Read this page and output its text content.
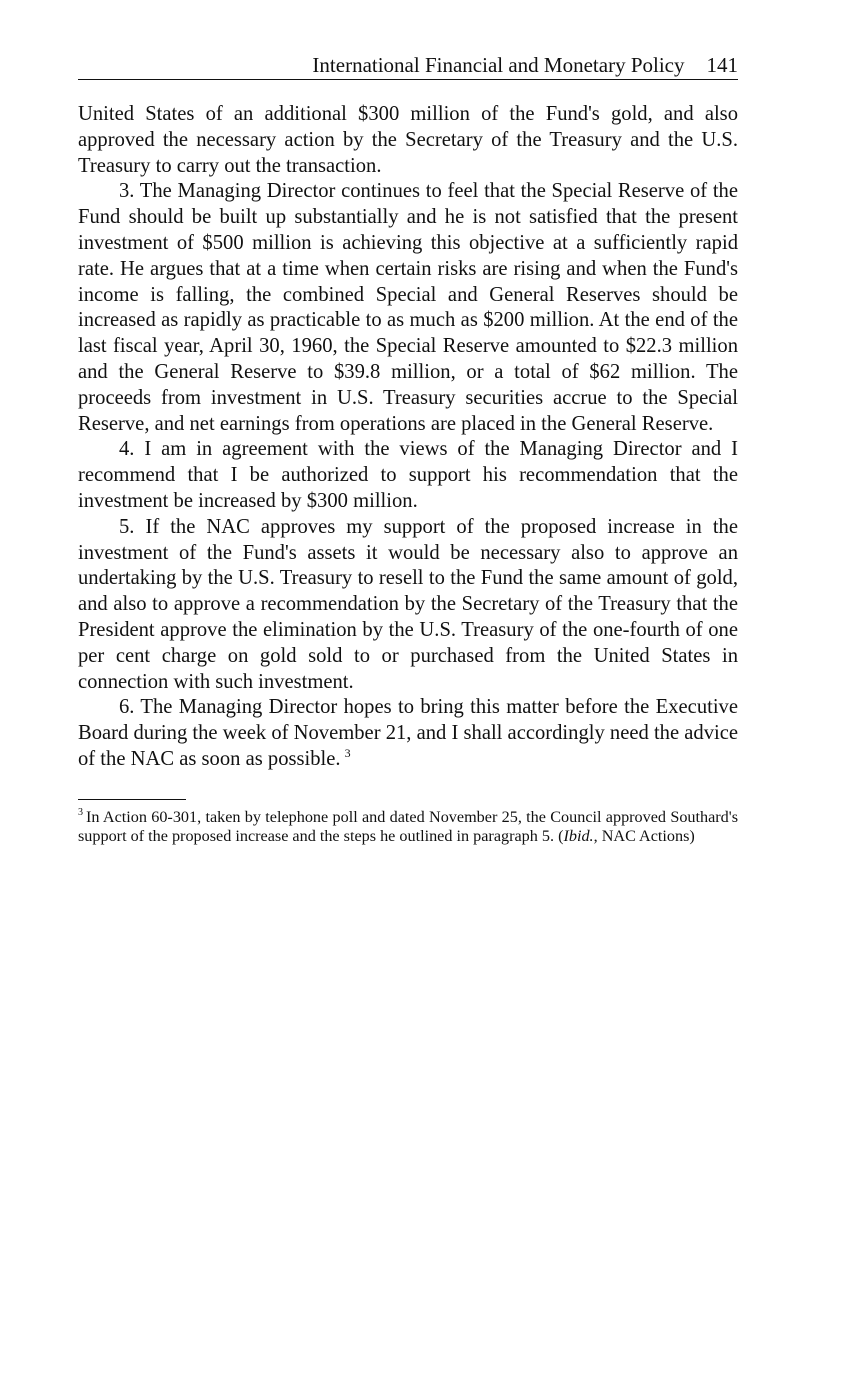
International Financial and Monetary Policy 141

United States of an additional $300 million of the Fund's gold, and also approved the necessary action by the Secretary of the Treasury and the U.S. Treasury to carry out the transaction.

3. The Managing Director continues to feel that the Special Reserve of the Fund should be built up substantially and he is not satisfied that the present investment of $500 million is achieving this objective at a sufficiently rapid rate. He argues that at a time when certain risks are rising and when the Fund's income is falling, the combined Special and General Reserves should be increased as rapidly as practicable to as much as $200 million. At the end of the last fiscal year, April 30, 1960, the Special Reserve amounted to $22.3 million and the General Reserve to $39.8 million, or a total of $62 million. The proceeds from investment in U.S. Treasury securities accrue to the Special Reserve, and net earnings from operations are placed in the General Reserve.

4. I am in agreement with the views of the Managing Director and I recommend that I be authorized to support his recommendation that the investment be increased by $300 million.

5. If the NAC approves my support of the proposed increase in the investment of the Fund's assets it would be necessary also to approve an undertaking by the U.S. Treasury to resell to the Fund the same amount of gold, and also to approve a recommendation by the Secretary of the Treasury that the President approve the elimination by the U.S. Treasury of the one-fourth of one per cent charge on gold sold to or purchased from the United States in connection with such investment.

6. The Managing Director hopes to bring this matter before the Executive Board during the week of November 21, and I shall accordingly need the advice of the NAC as soon as possible. $^3$

$^3$ In Action 60-301, taken by telephone poll and dated November 25, the Council approved Southard's support of the proposed increase and the steps he outlined in paragraph 5. (Ibid., NAC Actions)
